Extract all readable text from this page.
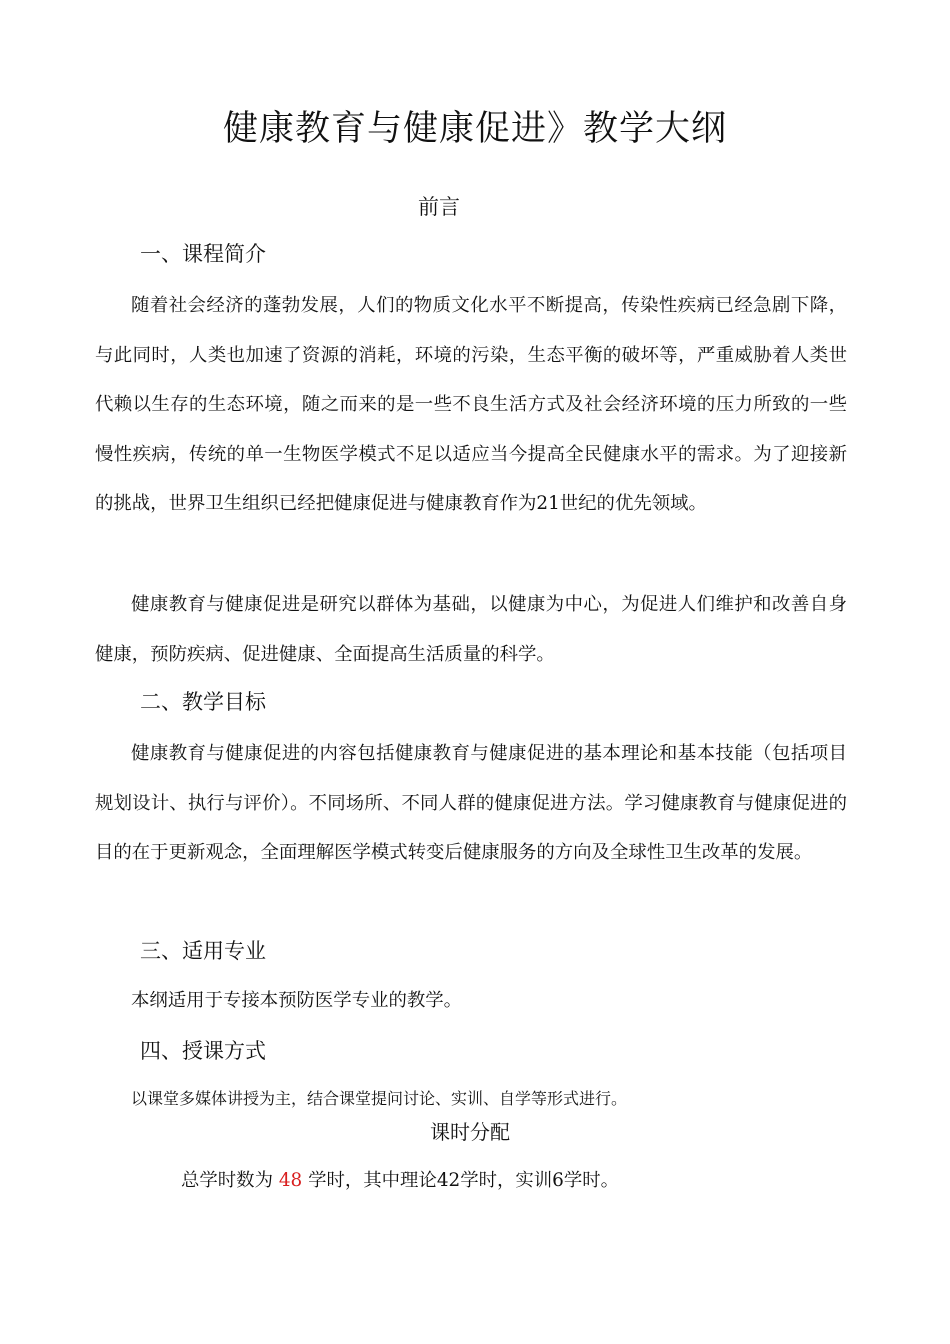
健康教育与健康促进》教学大纲
前言
一、课程简介

随着社会经济的蓬勃发展，人们的物质文化水平不断提高，传染性疾病已经急剧下降，与此同时，人类也加速了资源的消耗，环境的污染，生态平衡的破坏等，严重威胁着人类世代赖以生存的生态环境，随之而来的是一些不良生活方式及社会经济环境的压力所致的一些慢性疾病，传统的单一生物医学模式不足以适应当今提高全民健康水平的需求。为了迎接新的挑战，世界卫生组织已经把健康促进与健康教育作为21世纪的优先领域。

健康教育与健康促进是研究以群体为基础，以健康为中心，为促进人们维护和改善自身健康，预防疾病、促进健康、全面提高生活质量的科学。

二、教学目标

健康教育与健康促进的内容包括健康教育与健康促进的基本理论和基本技能（包括项目规划设计、执行与评价）。不同场所、不同人群的健康促进方法。学习健康教育与健康促进的目的在于更新观念，全面理解医学模式转变后健康服务的方向及全球性卫生改革的发展。

三、适用专业
本纲适用于专接本预防医学专业的教学。
四、授课方式
以课堂多媒体讲授为主，结合课堂提问讨论、实训、自学等形式进行。
课时分配
总学时数为 48 学时，其中理论42学时，实训6学时。
